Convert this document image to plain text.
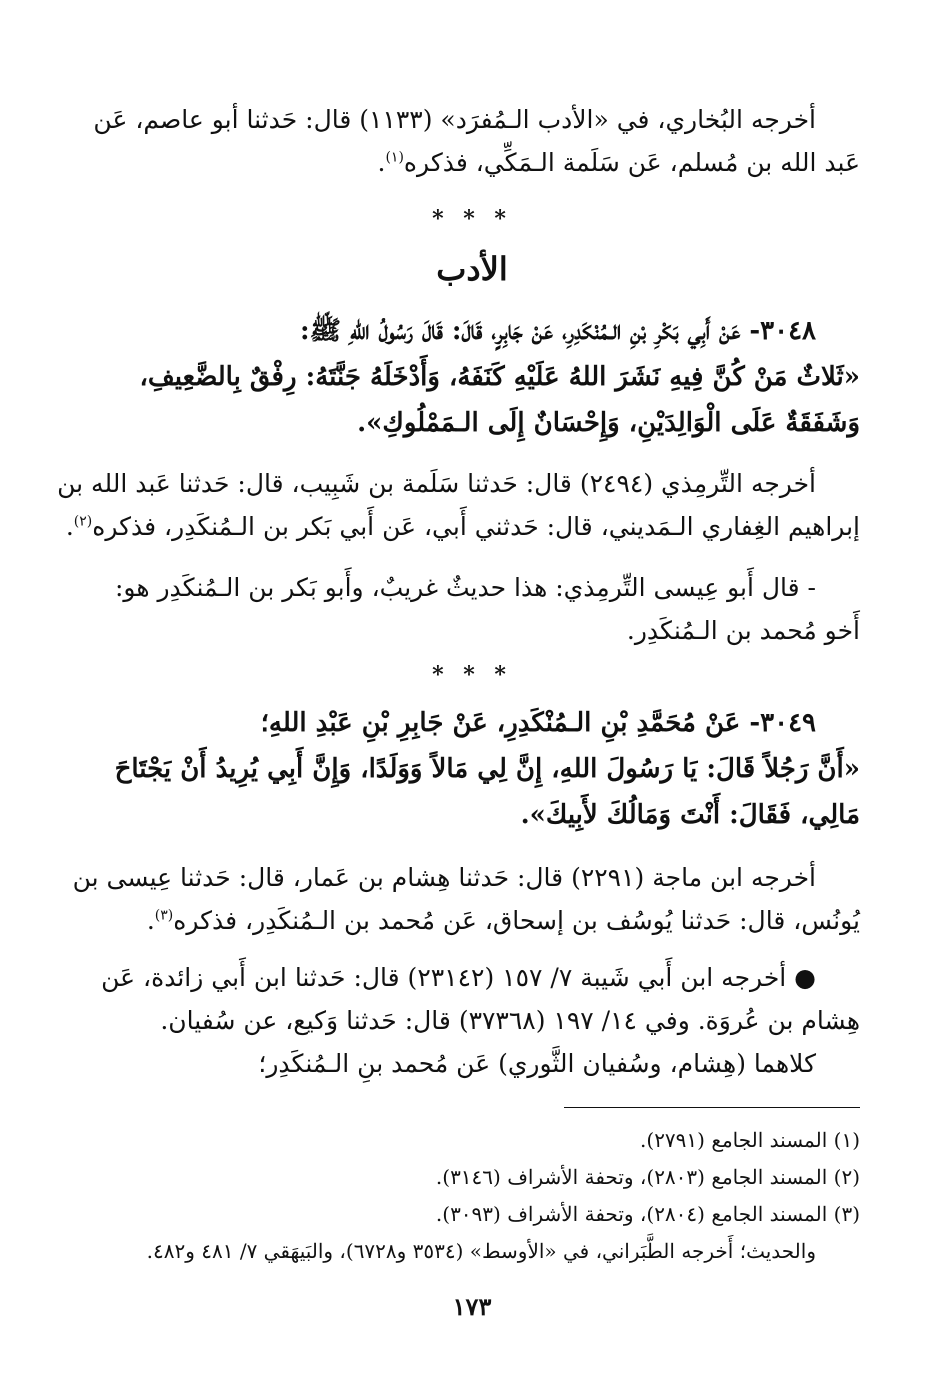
أخرجه البُخاري، في «الأدب الـمُفرَد» (١١٣٣) قال: حَدثنا أبو عاصم، عَن
عَبد الله بن مُسلم، عَن سَلَمة الـمَكِّي، فذكره$^{(١)}$.
* * *
الأدب
٣٠٤٨- عَنْ أَبِي بَكْرِ بْنِ الـمُنْكَدِرِ، عَنْ جَابِرٍ، قَالَ: قَالَ رَسُولُ اللهِ ﷺ:
«ثَلاثٌ مَنْ كُنَّ فِيهِ نَشَرَ اللهُ عَلَيْهِ كَنَفَهُ، وَأَدْخَلَهُ جَنَّتَهُ: رِفْقٌ بِالضَّعِيفِ،
وَشَفَقَةٌ عَلَى الْوَالِدَيْنِ، وَإِحْسَانٌ إِلَى الـمَمْلُوكِ».
أخرجه التِّرمِذي (٢٤٩٤) قال: حَدثنا سَلَمة بن شَبِيب، قال: حَدثنا عَبد الله بن
إبراهيم الغِفاري الـمَديني، قال: حَدثني أَبي، عَن أَبي بَكر بن الـمُنكَدِر، فذكره$^{(٢)}$.
- قال أَبو عِيسى التِّرمِذي: هذا حديثٌ غريبٌ، وأَبو بَكر بن الـمُنكَدِر هو:
أَخو مُحمد بن الـمُنكَدِر.
* * *
٣٠٤٩- عَنْ مُحَمَّدِ بْنِ الـمُنْكَدِرِ، عَنْ جَابِرِ بْنِ عَبْدِ اللهِ؛
«أَنَّ رَجُلاً قَالَ: يَا رَسُولَ اللهِ، إِنَّ لِي مَالاً وَوَلَدًا، وَإِنَّ أَبِي يُرِيدُ أَنْ يَجْتَاحَ
مَالِي، فَقَالَ: أَنْتَ وَمَالُكَ لأَبِيكَ».
أخرجه ابن ماجة (٢٢٩١) قال: حَدثنا هِشام بن عَمار، قال: حَدثنا عِيسى بن
يُونُس، قال: حَدثنا يُوسُف بن إسحاق، عَن مُحمد بن الـمُنكَدِر، فذكره$^{(٣)}$.
● أخرجه ابن أَبي شَيبة ٧/ ١٥٧ (٢٣١٤٢) قال: حَدثنا ابن أَبي زائدة، عَن
هِشام بن عُروَة. وفي ١٤/ ١٩٧ (٣٧٣٦٨) قال: حَدثنا وَكيع، عن سُفيان.
كلاهما (هِشام، وسُفيان الثَّوري) عَن مُحمد بنِ الـمُنكَدِر؛
(١) المسند الجامع (٢٧٩١).
(٢) المسند الجامع (٢٨٠٣)، وتحفة الأشراف (٣١٤٦).
(٣) المسند الجامع (٢٨٠٤)، وتحفة الأشراف (٣٠٩٣).
والحديث؛ أَخرجه الطَّبَراني، في «الأوسط» (٣٥٣٤ و٦٧٢٨)، والبَيهَقي ٧/ ٤٨١ و٤٨٢.
١٧٣
